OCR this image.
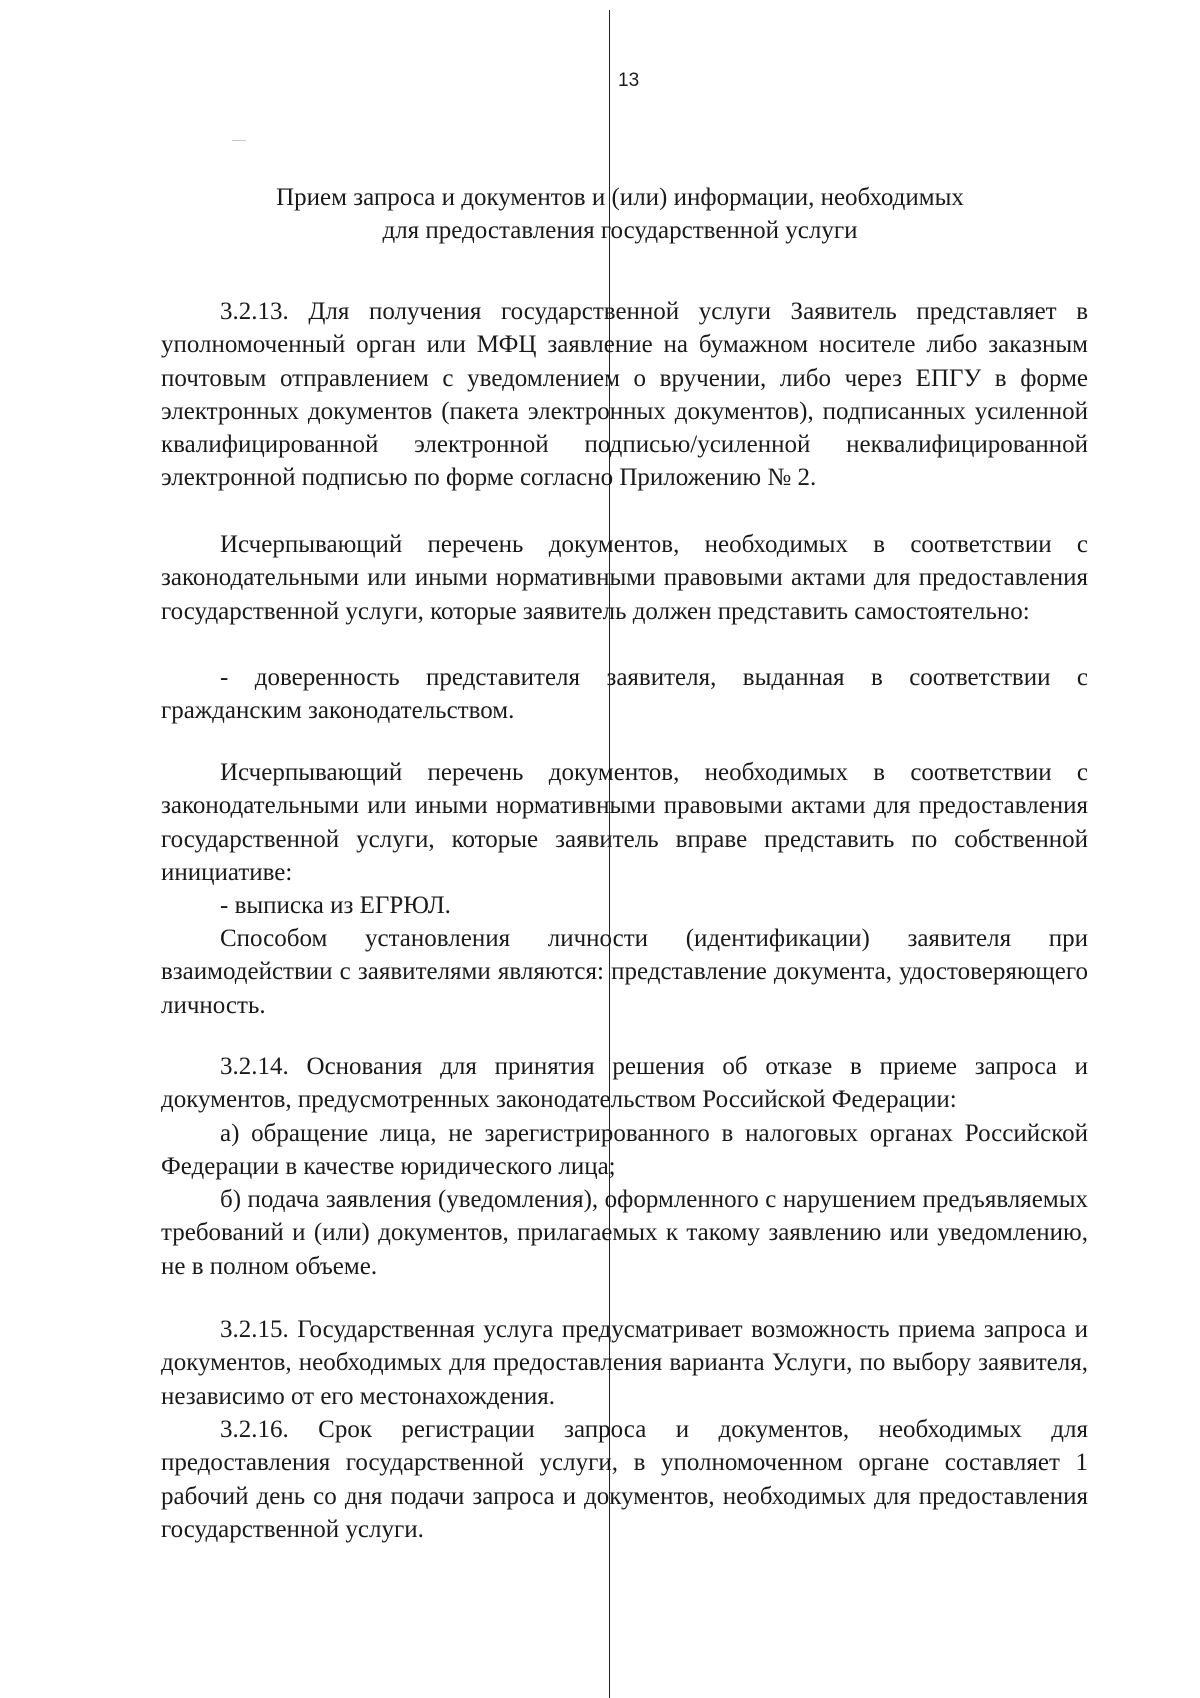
13
Прием запроса и документов и (или) информации, необходимых
для предоставления государственной услуги
3.2.13. Для получения государственной услуги Заявитель представляет в уполномоченный орган или МФЦ заявление на бумажном носителе либо заказным почтовым отправлением с уведомлением о вручении, либо через ЕПГУ в форме электронных документов (пакета электронных документов), подписанных усиленной квалифицированной электронной подписью/усиленной неквалифицированной электронной подписью по форме согласно Приложению № 2.
Исчерпывающий перечень документов, необходимых в соответствии с законодательными или иными нормативными правовыми актами для предоставления государственной услуги, которые заявитель должен представить самостоятельно:
- доверенность представителя заявителя, выданная в соответствии с гражданским законодательством.
Исчерпывающий перечень документов, необходимых в соответствии с законодательными или иными нормативными правовыми актами для предоставления государственной услуги, которые заявитель вправе представить по собственной инициативе:
- выписка из ЕГРЮЛ.
Способом установления личности (идентификации) заявителя при взаимодействии с заявителями являются: представление документа, удостоверяющего личность.
3.2.14. Основания для принятия решения об отказе в приеме запроса и документов, предусмотренных законодательством Российской Федерации:
а) обращение лица, не зарегистрированного в налоговых органах Российской Федерации в качестве юридического лица;
б) подача заявления (уведомления), оформленного с нарушением предъявляемых требований и (или) документов, прилагаемых к такому заявлению или уведомлению, не в полном объеме.
3.2.15. Государственная услуга предусматривает возможность приема запроса и документов, необходимых для предоставления варианта Услуги, по выбору заявителя, независимо от его местонахождения.
3.2.16. Срок регистрации запроса и документов, необходимых для предоставления государственной услуги, в уполномоченном органе составляет 1 рабочий день со дня подачи запроса и документов, необходимых для предоставления государственной услуги.
